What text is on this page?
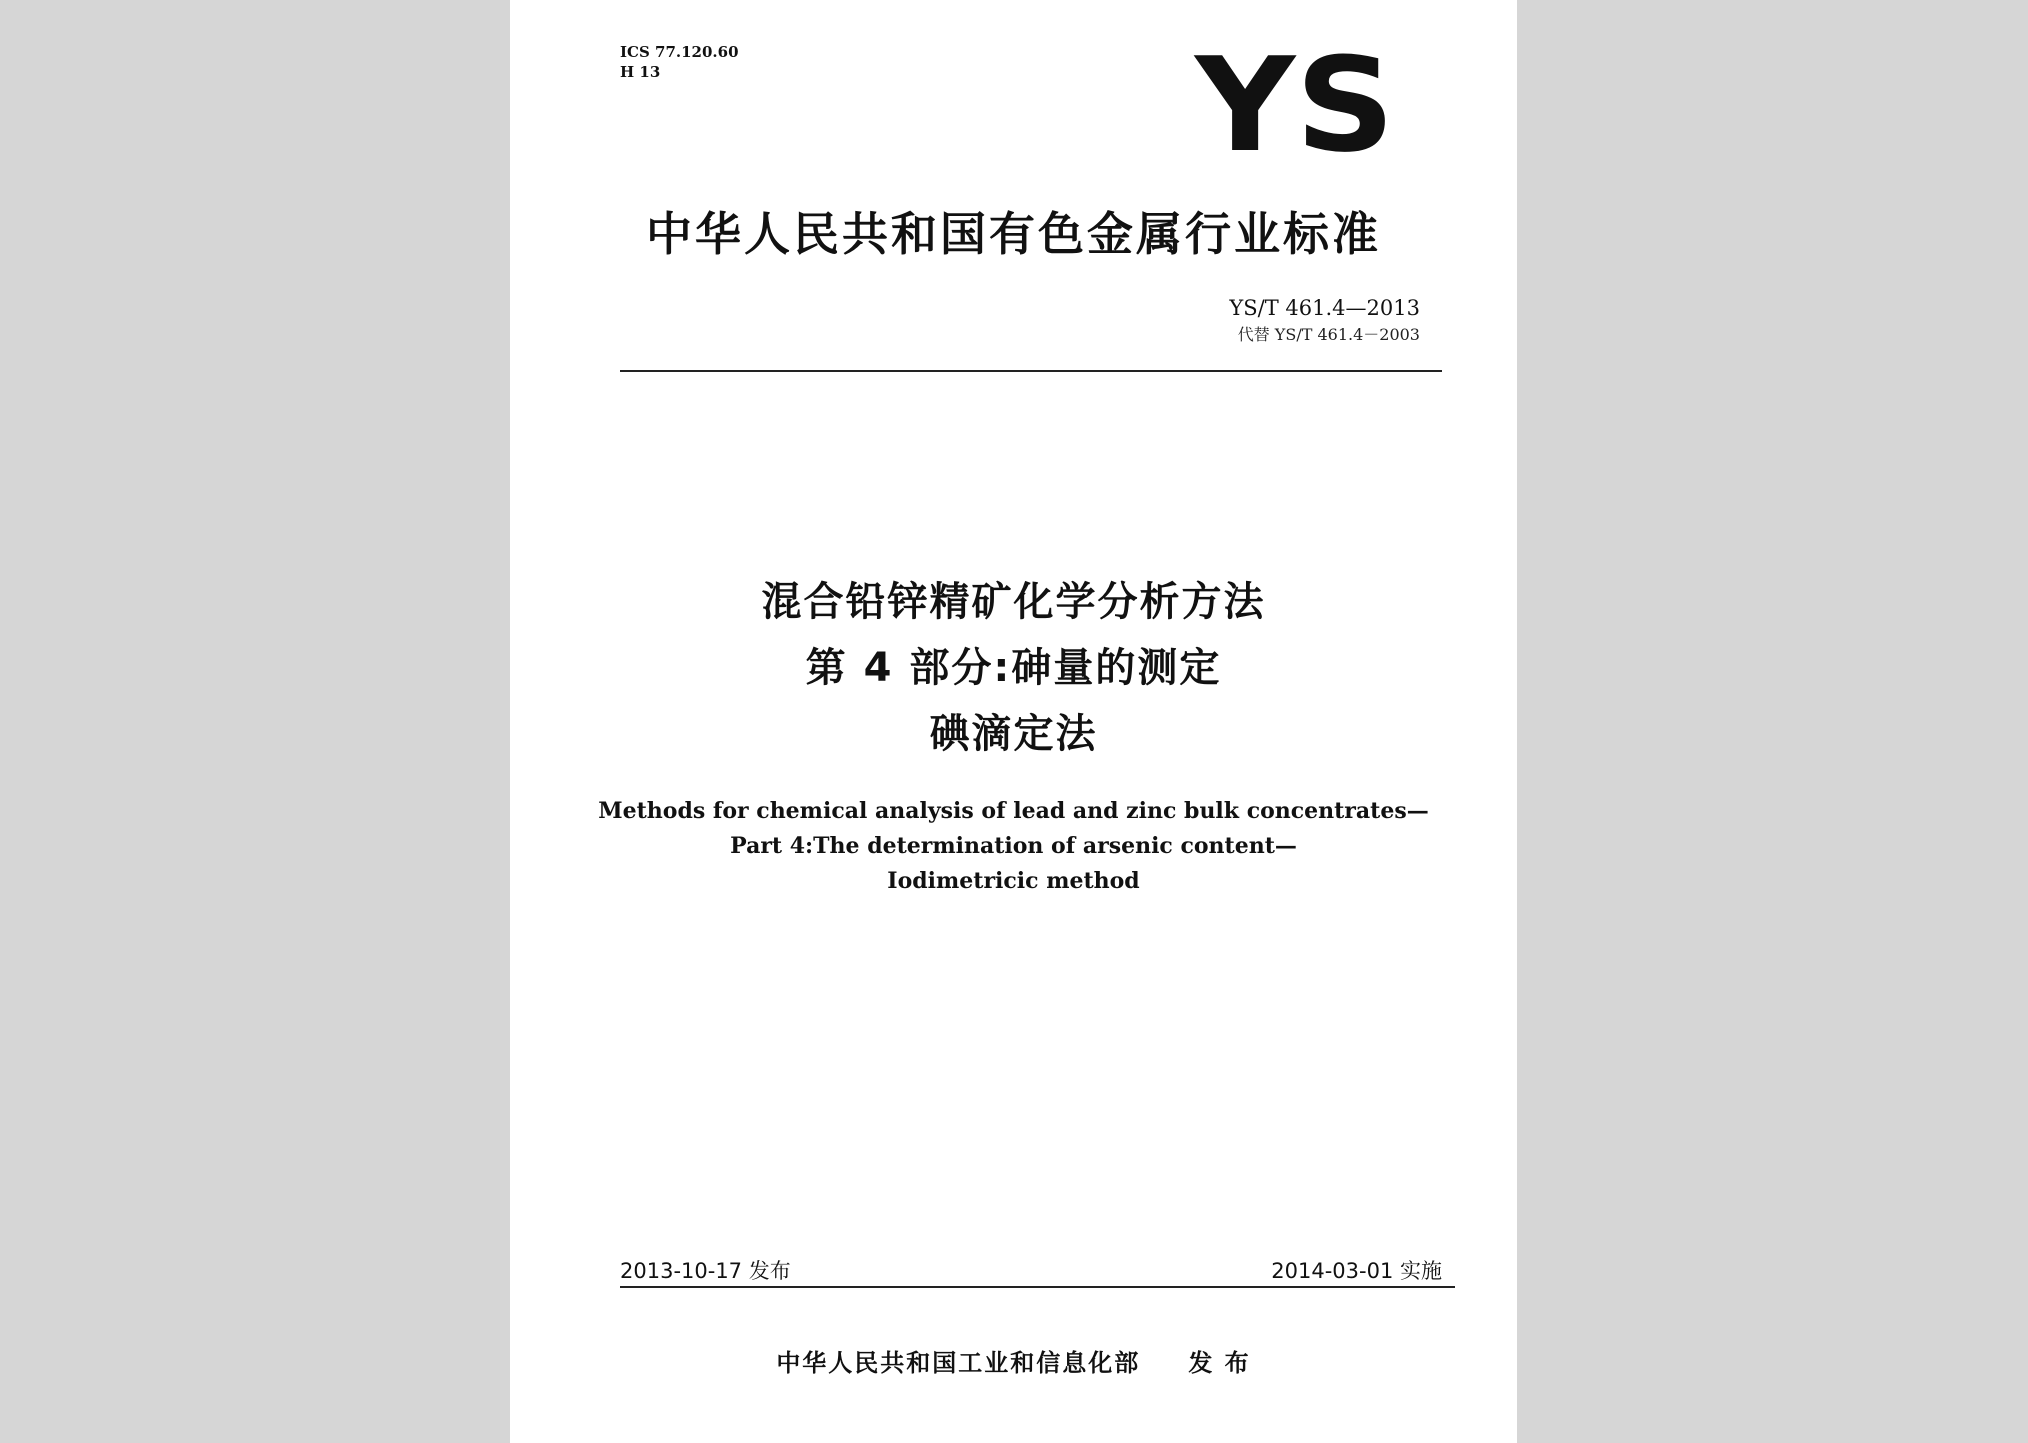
ICS 77.120.60
H 13	YS
中华人民共和国有色金属行业标准
YS/T 461.4—2013
代替 YS/T 461.4－2003
混合铅锌精矿化学分析方法
第 4 部分:砷量的测定
碘滴定法
Methods for chemical analysis of lead and zinc bulk concentrates—
Part 4:The determination of arsenic content—
Iodimetricic method
2013-10-17 发布	2014-03-01 实施
中华人民共和国工业和信息化部 发 布
